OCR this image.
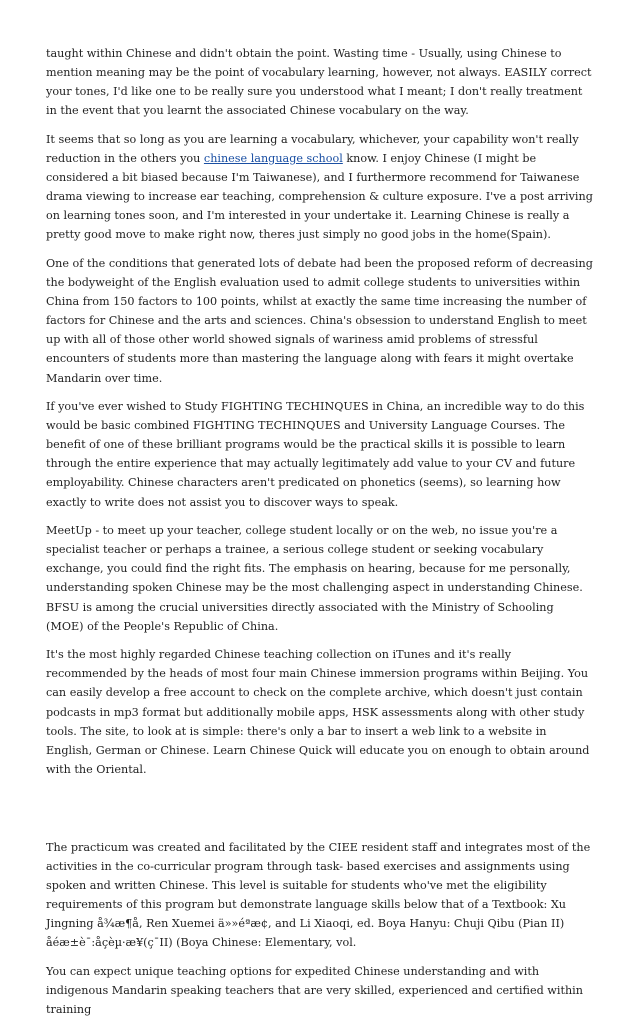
taught within Chinese and didn't obtain the point. Wasting time - Usually, using Chinese to mention meaning may be the point of vocabulary learning, however, not always. EASILY correct your tones, I'd like one to be really sure you understood what I meant; I don't really treatment in the event that you learnt the associated Chinese vocabulary on the way.

It seems that so long as you are learning a vocabulary, whichever, your capability won't really reduction in the others you chinese language school know. I enjoy Chinese (I might be considered a bit biased because I'm Taiwanese), and I furthermore recommend for Taiwanese drama viewing to increase ear teaching, comprehension & culture exposure. I've a post arriving on learning tones soon, and I'm interested in your undertake it. Learning Chinese is really a pretty good move to make right now, theres just simply no good jobs in the home(Spain).

One of the conditions that generated lots of debate had been the proposed reform of decreasing the bodyweight of the English evaluation used to admit college students to universities within China from 150 factors to 100 points, whilst at exactly the same time increasing the number of factors for Chinese and the arts and sciences. China's obsession to understand English to meet up with all of those other world showed signals of wariness amid problems of stressful encounters of students more than mastering the language along with fears it might overtake Mandarin over time.

If you've ever wished to Study FIGHTING TECHINQUES in China, an incredible way to do this would be basic combined FIGHTING TECHINQUES and University Language Courses. The benefit of one of these brilliant programs would be the practical skills it is possible to learn through the entire experience that may actually legitimately add value to your CV and future employability. Chinese characters aren't predicated on phonetics (seems), so learning how exactly to write does not assist you to discover ways to speak.

MeetUp - to meet up your teacher, college student locally or on the web, no issue you're a specialist teacher or perhaps a trainee, a serious college student or seeking vocabulary exchange, you could find the right fits. The emphasis on hearing, because for me personally, understanding spoken Chinese may be the most challenging aspect in understanding Chinese. BFSU is among the crucial universities directly associated with the Ministry of Schooling (MOE) of the People's Republic of China.

It's the most highly regarded Chinese teaching collection on iTunes and it's really recommended by the heads of most four main Chinese immersion programs within Beijing. You can easily develop a free account to check on the complete archive, which doesn't just contain podcasts in mp3 format but additionally mobile apps, HSK assessments along with other study tools. The site, to look at is simple: there's only a bar to insert a web link to a website in English, German or Chinese. Learn Chinese Quick will educate you on enough to obtain around with the Oriental.

The practicum was created and facilitated by the CIEE resident staff and integrates most of the activities in the co-curricular program through task- based exercises and assignments using spoken and written Chinese. This level is suitable for students who've met the eligibility requirements of this program but demonstrate language skills below that of a Textbook: Xu Jingning å¾æ¶å, Ren Xuemei ä»»éªæ¢, and Li Xiaoqi, ed. Boya Hanyu: Chuji Qibu (Pian II) åéæ±è¯:åçèµ·æ¥(ç¯II) (Boya Chinese: Elementary, vol.

You can expect unique teaching options for expedited Chinese understanding and with indigenous Mandarin speaking teachers that are very skilled, experienced and certified within training
